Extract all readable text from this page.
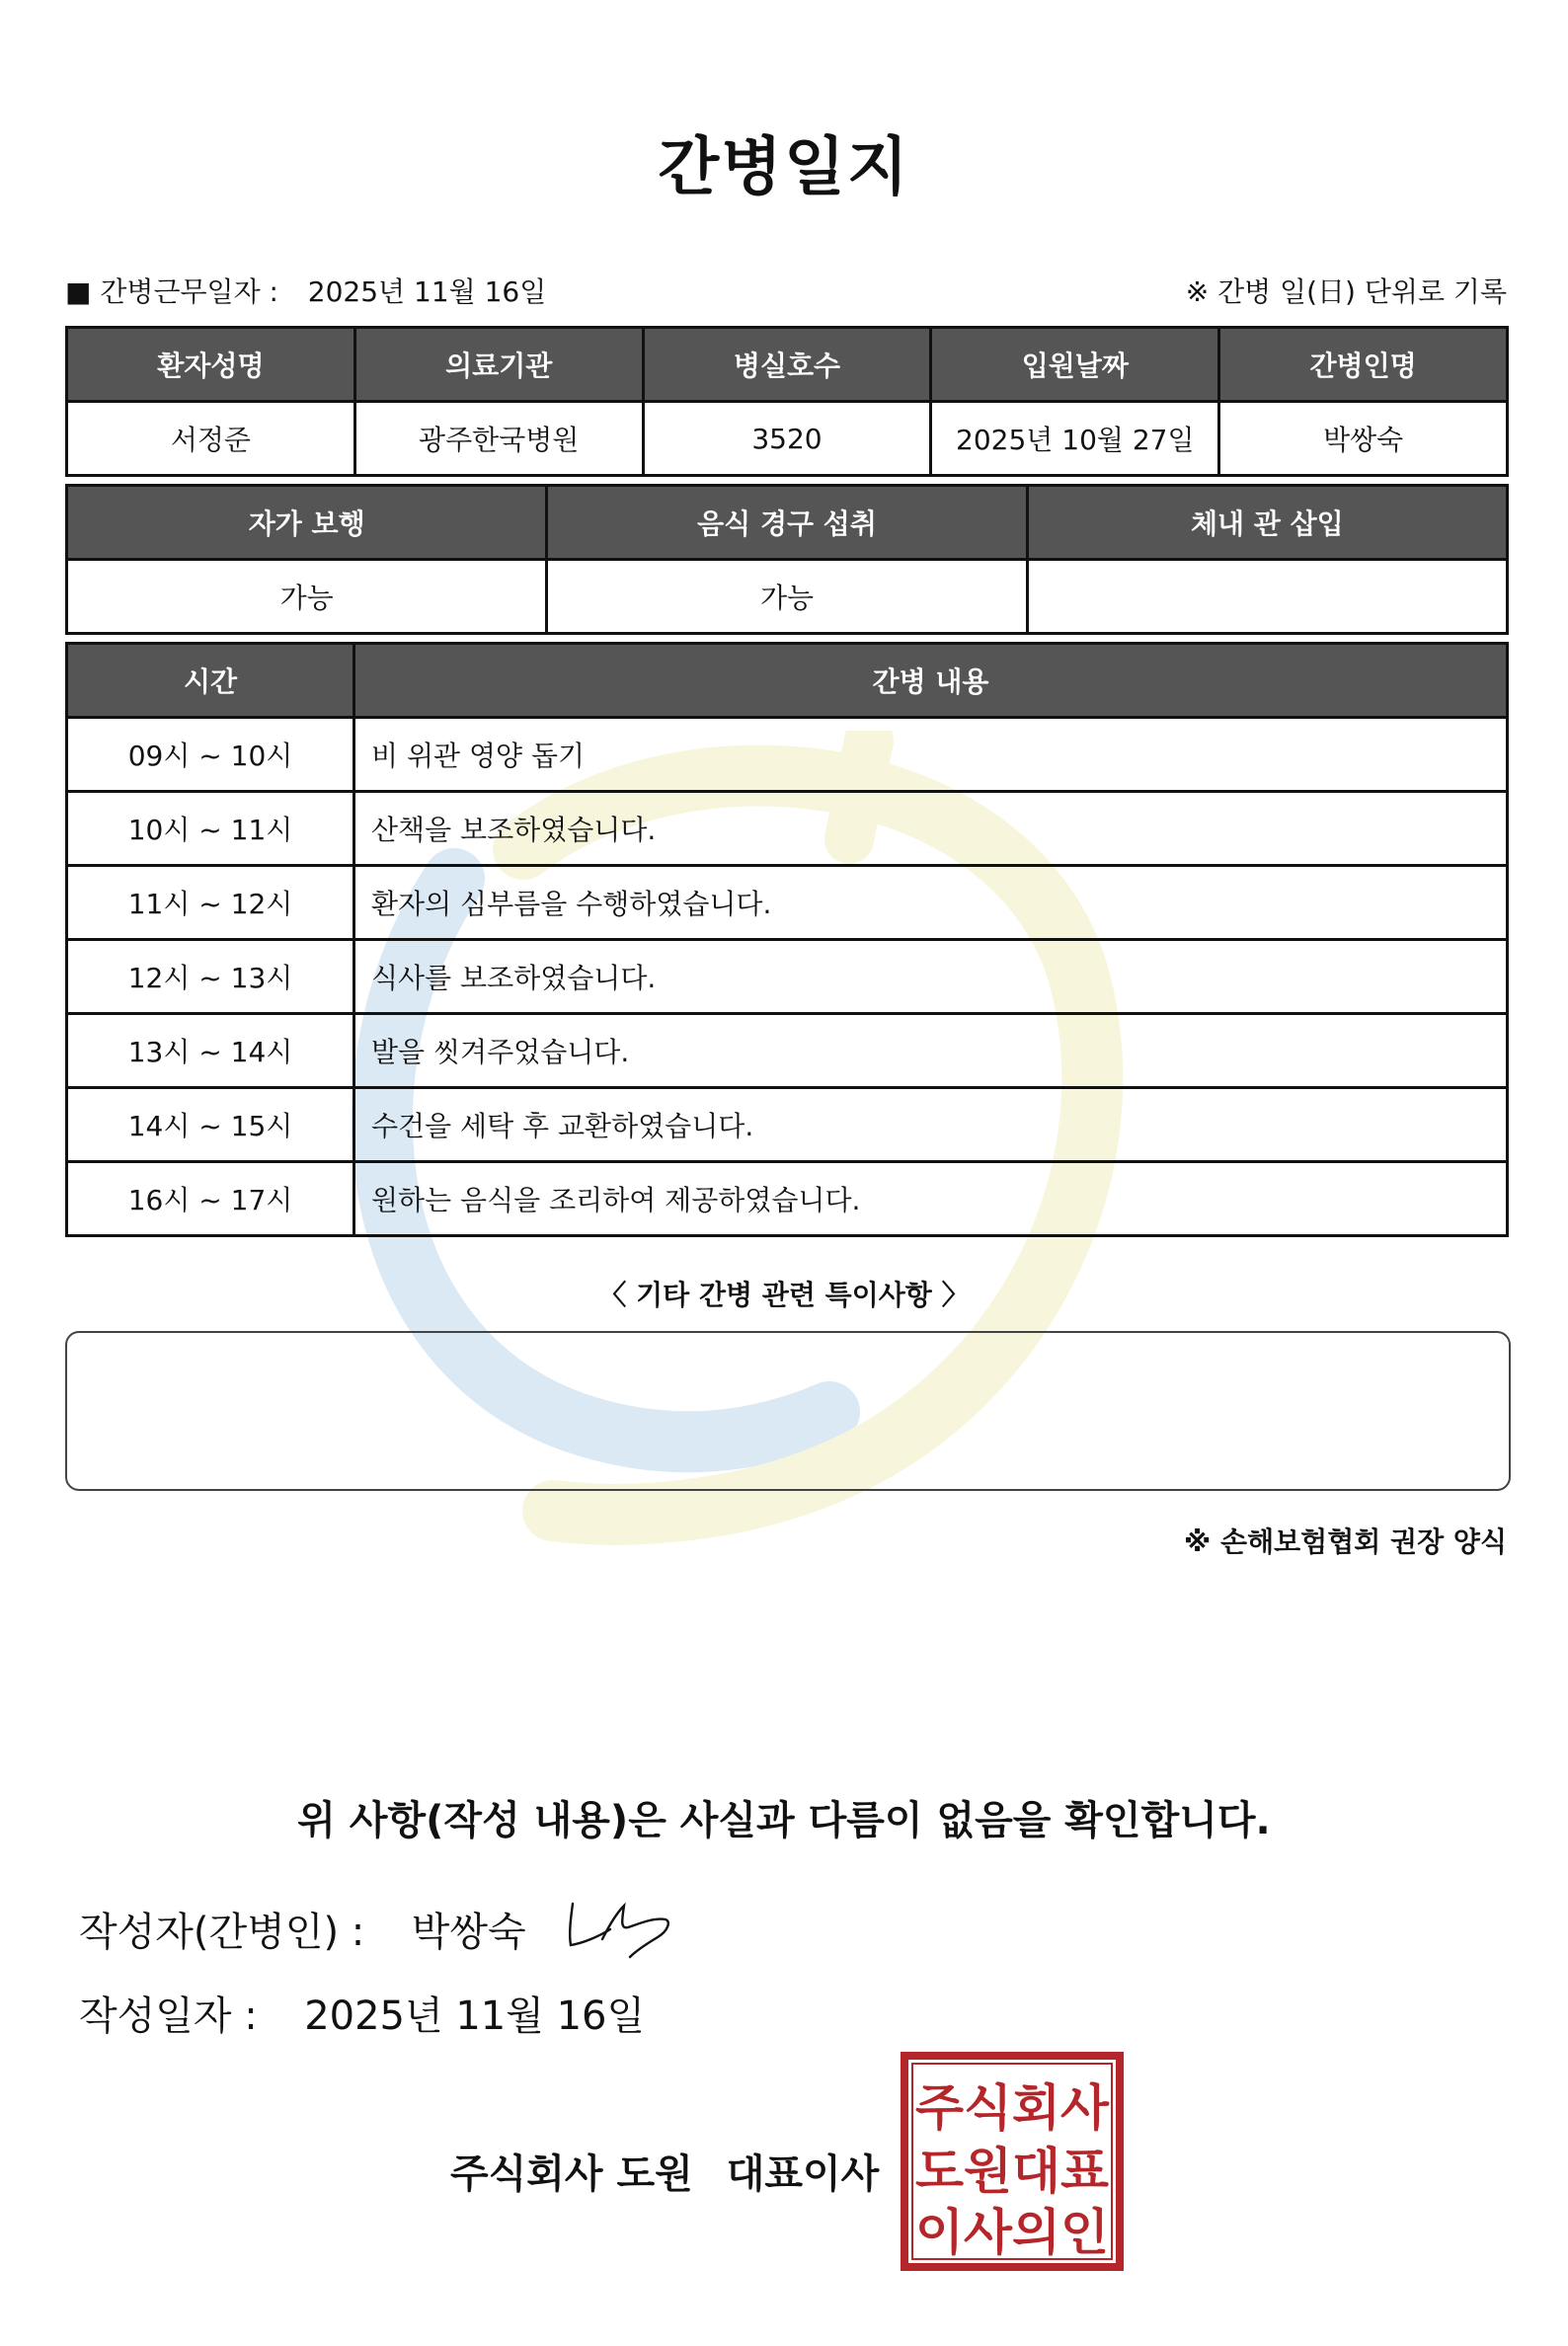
간병일지
■ 간병근무일자 : 2025년 11월 16일	※ 간병 일(日) 단위로 기록
환자성명	의료기관	병실호수	입원날짜	간병인명
서정준	광주한국병원	3520	2025년 10월 27일	박쌍숙
자가 보행	음식 경구 섭취	체내 관 삽입
가능	가능	
시간	간병 내용
09시 ~ 10시	비 위관 영양 돕기
10시 ~ 11시	산책을 보조하였습니다.
11시 ~ 12시	환자의 심부름을 수행하였습니다.
12시 ~ 13시	식사를 보조하였습니다.
13시 ~ 14시	발을 씻겨주었습니다.
14시 ~ 15시	수건을 세탁 후 교환하였습니다.
16시 ~ 17시	원하는 음식을 조리하여 제공하였습니다.
〈 기타 간병 관련 특이사항 〉
※ 손해보험협회 권장 양식
위 사항(작성 내용)은 사실과 다름이 없음을 확인합니다.
작성자(간병인) : 박쌍숙
작성일자 : 2025년 11월 16일
주식회사 도원 대표이사
주식회사
도원대표
이사의인
